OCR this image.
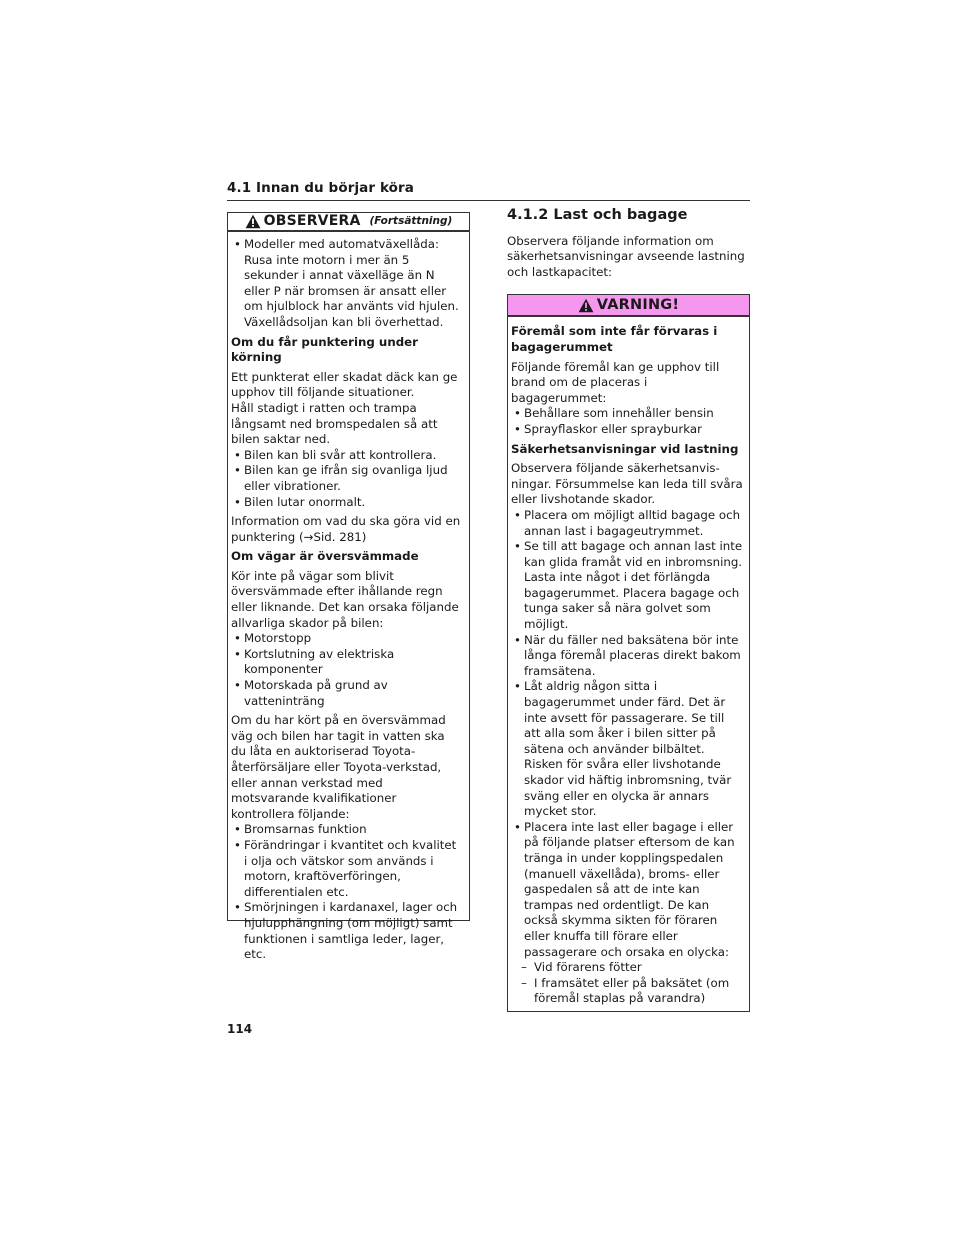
4.1 Innan du börjar köra
OBSERVERA (Fortsättning)
• Modeller med automatväxellåda: Rusa inte motorn i mer än 5 sekunder i annat växelläge än N eller P när bromsen är ansatt eller om hjulblock har använts vid hjulen. Växellådsoljan kan bli överhettad.
Om du får punktering under körning

Ett punkterat eller skadat däck kan ge upphov till följande situationer.

Håll stadigt i ratten och trampa långsamt ned bromspedalen så att bilen saktar ned.

• Bilen kan bli svår att kontrollera.
• Bilen kan ge ifrån sig ovanliga ljud eller vibrationer.
• Bilen lutar onormalt.

Information om vad du ska göra vid en punktering (→Sid. 281)

Om vägar är översvämmade

Kör inte på vägar som blivit översvämmade efter ihållande regn eller liknande. Det kan orsaka följande allvarliga skador på bilen:

• Motorstopp
• Kortslutning av elektriska komponenter
• Motorskada på grund av vatteninträng

Om du har kört på en översvämmad väg och bilen har tagit in vatten ska du låta en auktoriserad Toyota-återförsäljare eller Toyota-verkstad, eller annan verkstad med motsvarande kvalifikationer kontrollera följande:

• Bromsarnas funktion
• Förändringar i kvantitet och kvalitet i olja och vätskor som används i motorn, kraftöverföringen, differentialen etc.
• Smörjningen i kardanaxel, lager och hjulupphängning (om möjligt) samt funktionen i samtliga leder, lager, etc.
4.1.2 Last och bagage

Observera följande information om säkerhetsanvisningar avseende lastning och lastkapacitet:

VARNING!
Föremål som inte får förvaras i bagagerummet

Följande föremål kan ge upphov till brand om de placeras i bagagerummet:

• Behållare som innehåller bensin
• Sprayflaskor eller sprayburkar
Säkerhetsanvisningar vid lastning

Observera följande säkerhetsanvis-ningar. Försummelse kan leda till svåra eller livshotande skador.

• Placera om möjligt alltid bagage och annan last i bagageutrymmet.
• Se till att bagage och annan last inte kan glida framåt vid en inbromsning. Lasta inte något i det förlängda bagagerummet. Placera bagage och tunga saker så nära golvet som möjligt.
• När du fäller ned baksätena bör inte långa föremål placeras direkt bakom framsätena.
• Låt aldrig någon sitta i bagagerummet under färd. Det är inte avsett för passagerare. Se till att alla som åker i bilen sitter på sätena och använder bilbältet. Risken för svåra eller livshotande skador vid häftig inbromsning, tvär sväng eller en olycka är annars mycket stor.
• Placera inte last eller bagage i eller på följande platser eftersom de kan tränga in under kopplingspedalen (manuell växellåda), broms- eller gaspedalen så att de inte kan trampas ned ordentligt. De kan också skymma sikten för föraren eller knuffa till förare eller passagerare och orsaka en olycka:
– Vid förarens fötter
– I framsätet eller på baksätet (om föremål staplas på varandra)
114
